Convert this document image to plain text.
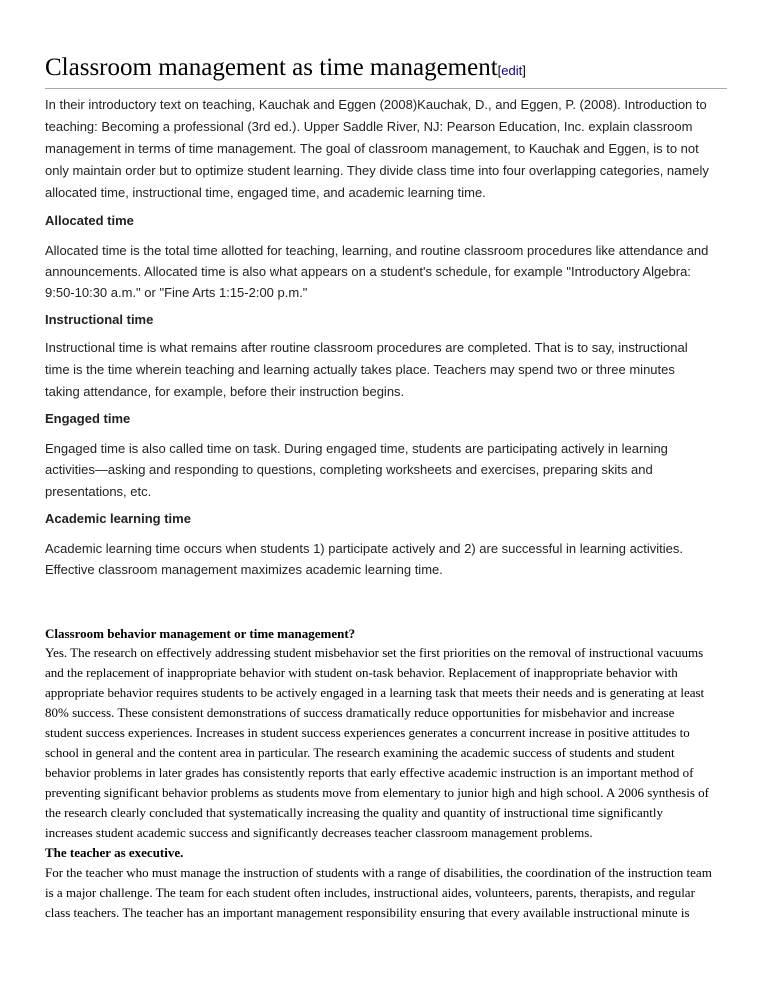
Classroom management as time management[edit]
In their introductory text on teaching, Kauchak and Eggen (2008)Kauchak, D., and Eggen, P. (2008). Introduction to
teaching: Becoming a professional (3rd ed.). Upper Saddle River, NJ: Pearson Education, Inc. explain classroom
management in terms of time management. The goal of classroom management, to Kauchak and Eggen, is to not
only maintain order but to optimize student learning. They divide class time into four overlapping categories, namely
allocated time, instructional time, engaged time, and academic learning time.
Allocated time
Allocated time is the total time allotted for teaching, learning, and routine classroom procedures like attendance and
announcements. Allocated time is also what appears on a student's schedule, for example "Introductory Algebra:
9:50-10:30 a.m." or "Fine Arts 1:15-2:00 p.m."
Instructional time
Instructional time is what remains after routine classroom procedures are completed. That is to say, instructional
time is the time wherein teaching and learning actually takes place. Teachers may spend two or three minutes
taking attendance, for example, before their instruction begins.
Engaged time
Engaged time is also called time on task. During engaged time, students are participating actively in learning
activities—asking and responding to questions, completing worksheets and exercises, preparing skits and
presentations, etc.
Academic learning time
Academic learning time occurs when students 1) participate actively and 2) are successful in learning activities.
Effective classroom management maximizes academic learning time.
Classroom behavior management or time management?
Yes. The research on effectively addressing student misbehavior set the first priorities on the removal of instructional vacuums
and the replacement of inappropriate behavior with student on-task behavior. Replacement of inappropriate behavior with
appropriate behavior requires students to be actively engaged in a learning task that meets their needs and is generating at least
80% success. These consistent demonstrations of success dramatically reduce opportunities for misbehavior and increase
student success experiences. Increases in student success experiences generates a concurrent increase in positive attitudes to
school in general and the content area in particular. The research examining the academic success of students and student
behavior problems in later grades has consistently reports that early effective academic instruction is an important method of
preventing significant behavior problems as students move from elementary to junior high and high school. A 2006 synthesis of
the research clearly concluded that systematically increasing the quality and quantity of instructional time significantly
increases student academic success and significantly decreases teacher classroom management problems.
The teacher as executive.
For the teacher who must manage the instruction of students with a range of disabilities, the coordination of the instruction team
is a major challenge. The team for each student often includes, instructional aides, volunteers, parents, therapists, and regular
class teachers. The teacher has an important management responsibility ensuring that every available instructional minute is
